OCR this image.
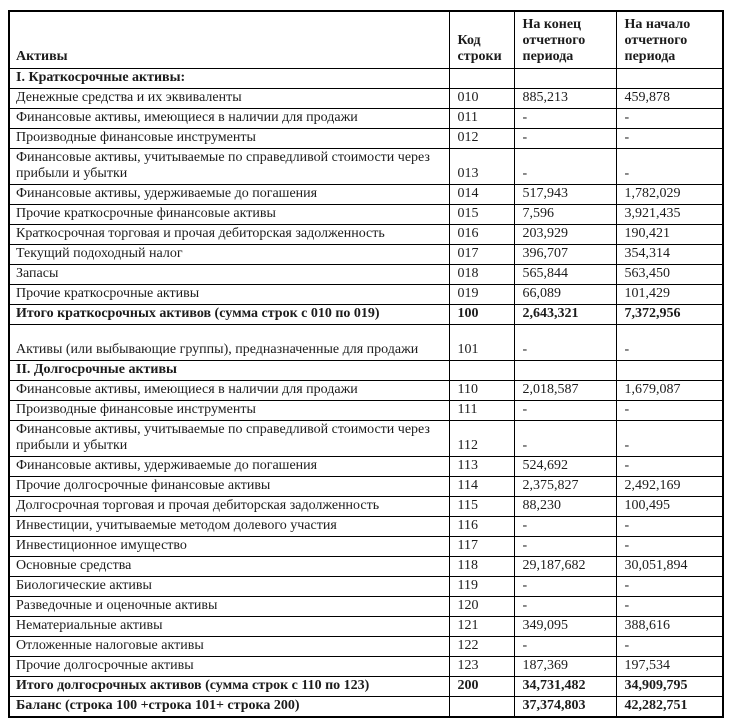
Активы	Код строки	На конец отчетного периода	На начало отчетного периода
I. Краткосрочные активы:			
Денежные средства и их эквиваленты	010	885,213	459,878
Финансовые активы, имеющиеся в наличии для продажи	011	-	-
Производные финансовые инструменты	012	-	-
Финансовые активы, учитываемые по справедливой стоимости через прибыли и убытки	013	-	-
Финансовые активы, удерживаемые до погашения	014	517,943	1,782,029
Прочие краткосрочные финансовые активы	015	7,596	3,921,435
Краткосрочная торговая и прочая дебиторская задолженность	016	203,929	190,421
Текущий подоходный налог	017	396,707	354,314
Запасы	018	565,844	563,450
Прочие краткосрочные активы	019	66,089	101,429
Итого краткосрочных активов (сумма строк с 010 по 019)	100	2,643,321	7,372,956
Активы (или выбывающие группы), предназначенные для продажи	101	-	-
II. Долгосрочные активы			
Финансовые активы, имеющиеся в наличии для продажи	110	2,018,587	1,679,087
Производные финансовые инструменты	111	-	-
Финансовые активы, учитываемые по справедливой стоимости через прибыли и убытки	112	-	-
Финансовые активы, удерживаемые до погашения	113	524,692	-
Прочие долгосрочные финансовые активы	114	2,375,827	2,492,169
Долгосрочная торговая и прочая дебиторская задолженность	115	88,230	100,495
Инвестиции, учитываемые методом долевого участия	116	-	-
Инвестиционное имущество	117	-	-
Основные средства	118	29,187,682	30,051,894
Биологические активы	119	-	-
Разведочные и оценочные активы	120	-	-
Нематериальные активы	121	349,095	388,616
Отложенные налоговые активы	122	-	-
Прочие долгосрочные активы	123	187,369	197,534
Итого долгосрочных активов (сумма строк с 110 по 123)	200	34,731,482	34,909,795
Баланс (строка 100 +строка 101+ строка 200)		37,374,803	42,282,751
